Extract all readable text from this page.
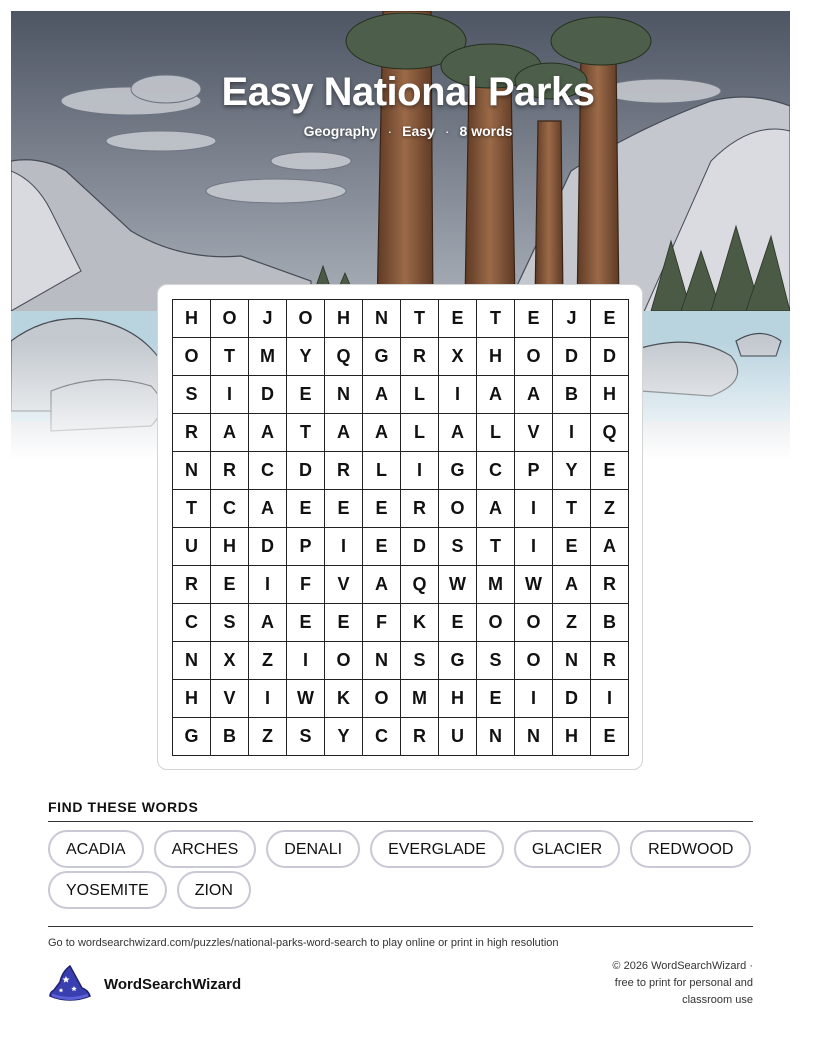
Easy National Parks
Geography · Easy · 8 words
H	O	J	O	H	N	T	E	T	E	J	E
O	T	M	Y	Q	G	R	X	H	O	D	D
S	I	D	E	N	A	L	I	A	A	B	H
R	A	A	T	A	A	L	A	L	V	I	Q
N	R	C	D	R	L	I	G	C	P	Y	E
T	C	A	E	E	E	R	O	A	I	T	Z
U	H	D	P	I	E	D	S	T	I	E	A
R	E	I	F	V	A	Q	W	M	W	A	R
C	S	A	E	E	F	K	E	O	O	Z	B
N	X	Z	I	O	N	S	G	S	O	N	R
H	V	I	W	K	O	M	H	E	I	D	I
G	B	Z	S	Y	C	R	U	N	N	H	E
FIND THESE WORDS
ACADIA	ARCHES	DENALI	EVERGLADE	GLACIER	REDWOODYOSEMITE	ZION
Go to wordsearchwizard.com/puzzles/national-parks-word-search to play online or print in high resolution
WordSearchWizard
© 2026 WordSearchWizard ·
free to print for personal and
classroom use
